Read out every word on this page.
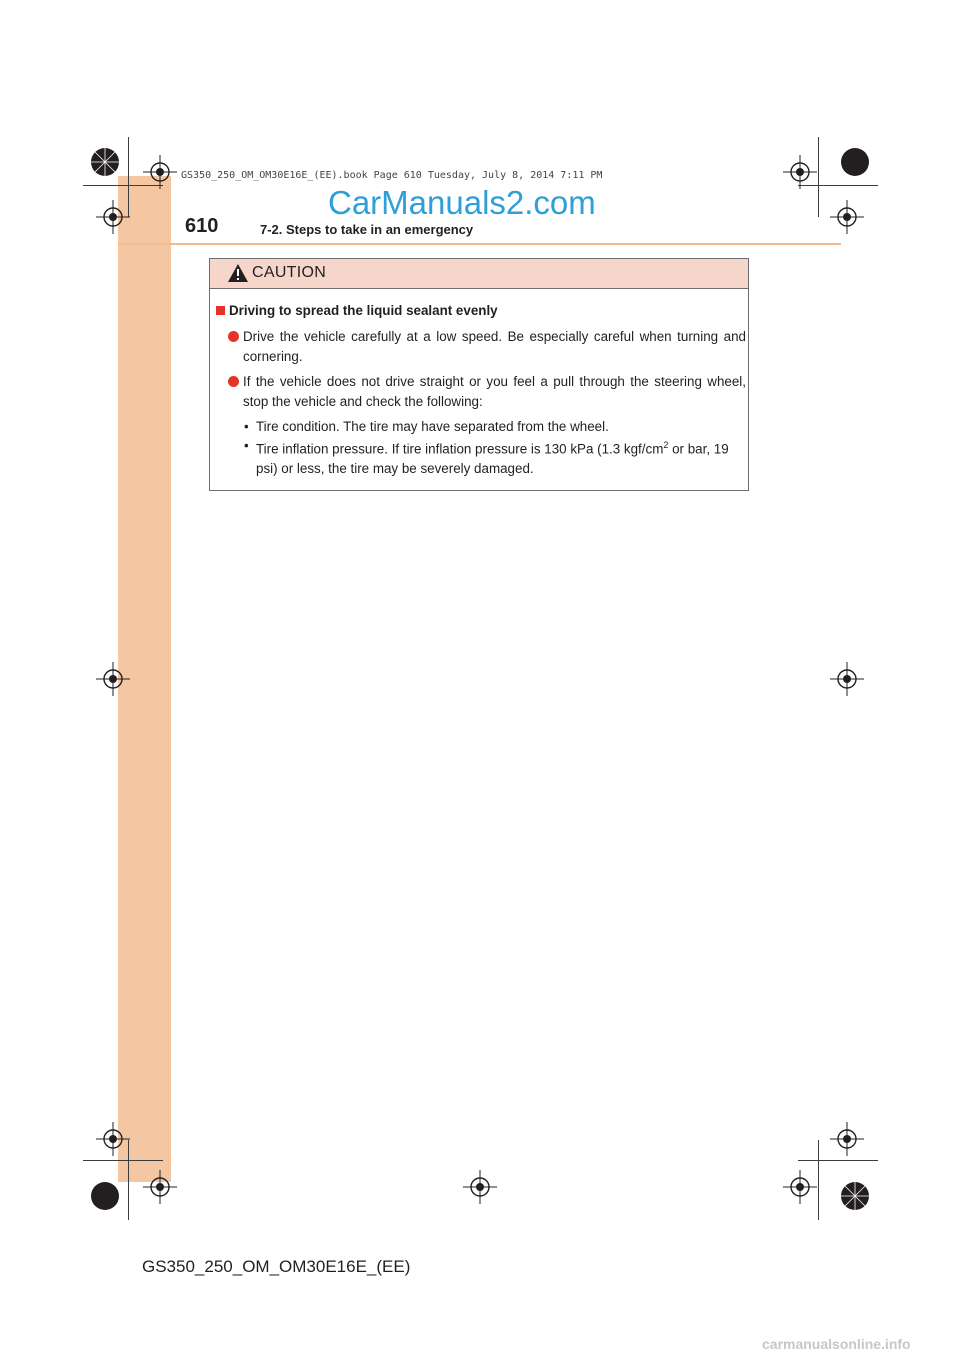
GS350_250_OM_OM30E16E_(EE).book Page 610 Tuesday, July 8, 2014 7:11 PM
CarManuals2.com
610	7-2. Steps to take in an emergency
CAUTION
Driving to spread the liquid sealant evenly
Drive the vehicle carefully at a low speed. Be especially careful when turning and cornering.
If the vehicle does not drive straight or you feel a pull through the steering wheel, stop the vehicle and check the following:
• Tire condition. The tire may have separated from the wheel.
• Tire inflation pressure. If tire inflation pressure is 130 kPa (1.3 kgf/$cm^2$ or bar, 19 psi) or less, the tire may be severely damaged.
GS350_250_OM_OM30E16E_(EE)
carmanualsonline.info
